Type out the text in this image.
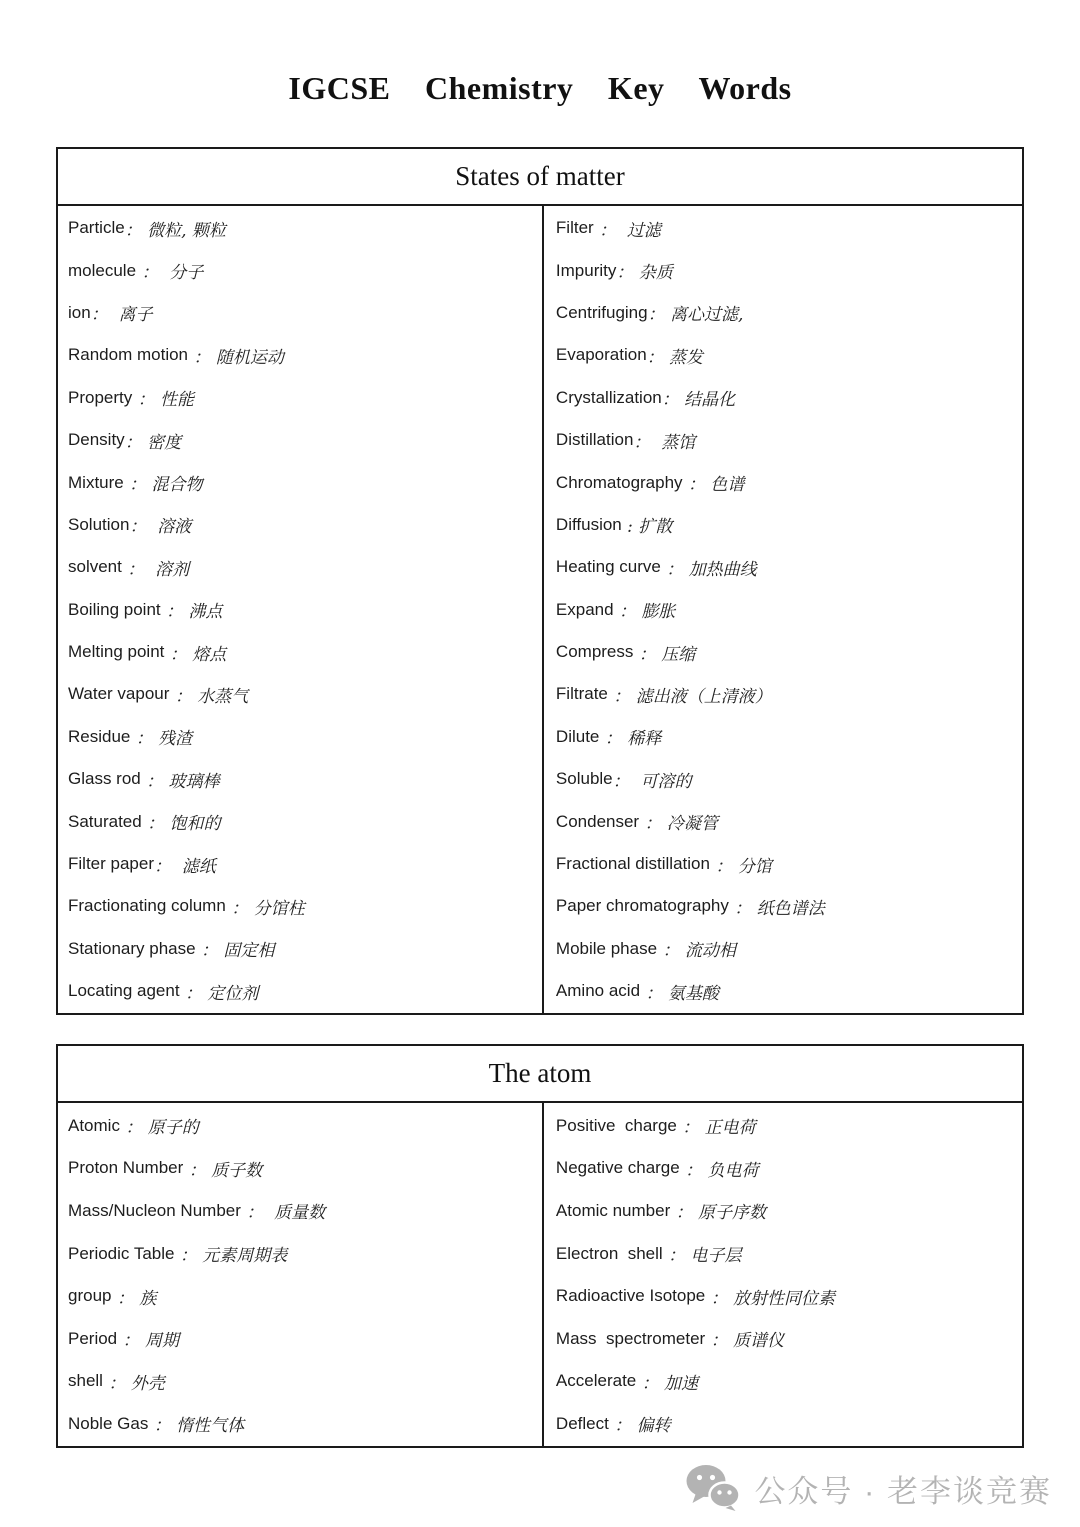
IGCSE Chemistry Key Words
States of matter
Particle ： 微粒, 颗粒
molecule ：  分子
ion ：  离子
Random motion ： 随机运动
Property ： 性能
Density ： 密度
Mixture ： 混合物
Solution ：  溶液
solvent ：  溶剂
Boiling point ： 沸点
Melting point ： 熔点
Water vapour ： 水蒸气
Residue ： 残渣
Glass rod ： 玻璃棒
Saturated ： 饱和的
Filter paper ：  滤纸
Fractionating column ： 分馆柱
Stationary phase ： 固定相
Locating agent ： 定位剂
Filter ：  过滤
Impurity ： 杂质
Centrifuging ： 离心过滤,
Evaporation ： 蒸发
Crystallization ： 结晶化
Distillation ：  蒸馆
Chromatography ： 色谱
Diffusion : 扩散
Heating curve ： 加热曲线
Expand ： 膨胀
Compress ： 压缩
Filtrate ： 滤出液（上清液）
Dilute ： 稀释
Soluble ：  可溶的
Condenser ： 冷凝管
Fractional distillation ： 分馆
Paper chromatography ： 纸色谱法
Mobile phase ： 流动相
Amino acid ： 氨基酸
The atom
Atomic ： 原子的
Proton Number ： 质子数
Mass/Nucleon Number ：  质量数
Periodic Table ： 元素周期表
group ： 族
Period ： 周期
shell ： 外壳
Noble Gas ： 惰性气体
Positive  charge ： 正电荷
Negative charge ： 负电荷
Atomic number ： 原子序数
Electron  shell ： 电子层
Radioactive Isotope ： 放射性同位素
Mass  spectrometer ： 质谱仪
Accelerate ： 加速
Deflect ： 偏转
公众号 · 老李谈竞赛
